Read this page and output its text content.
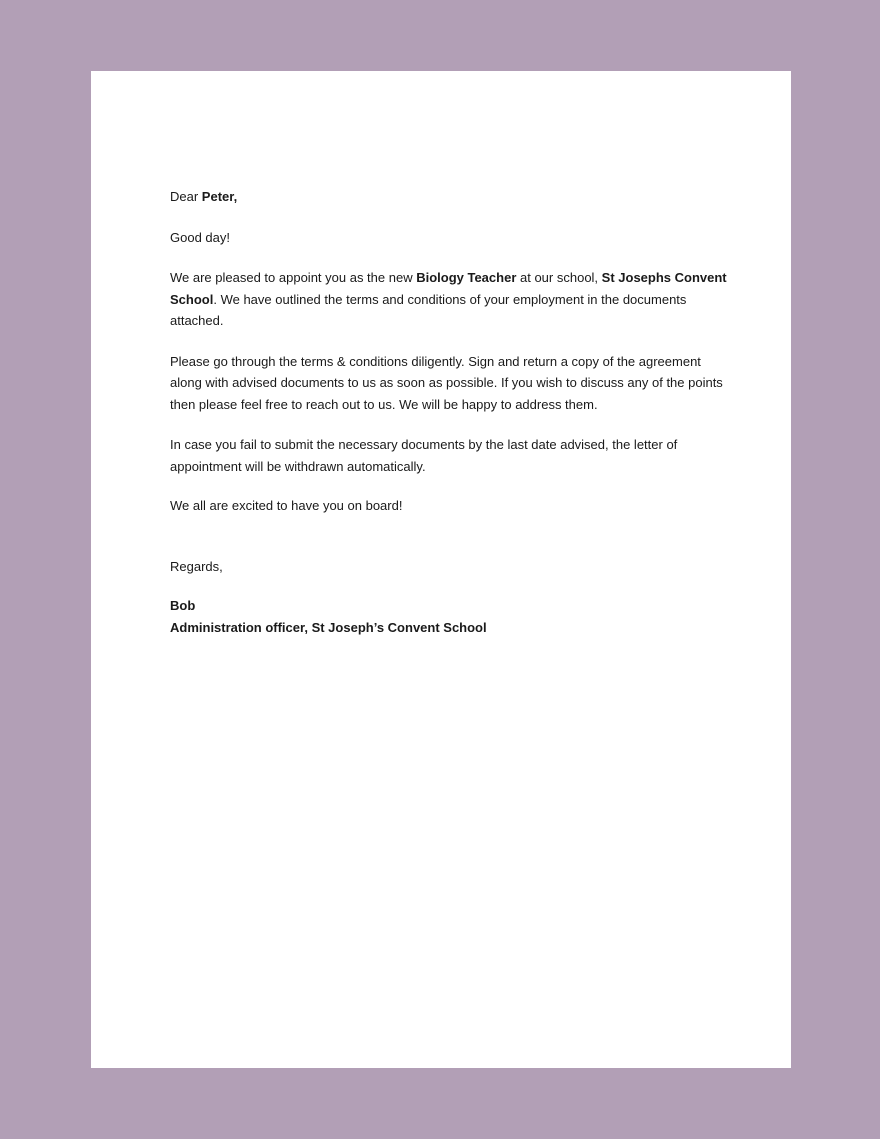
Dear Peter,

Good day!

We are pleased to appoint you as the new Biology Teacher at our school, St Josephs Convent School. We have outlined the terms and conditions of your employment in the documents attached.

Please go through the terms & conditions diligently. Sign and return a copy of the agreement along with advised documents to us as soon as possible. If you wish to discuss any of the points then please feel free to reach out to us. We will be happy to address them.

In case you fail to submit the necessary documents by the last date advised, the letter of appointment will be withdrawn automatically.

We all are excited to have you on board!

Regards,

Bob

Administration officer, St Joseph’s Convent School
